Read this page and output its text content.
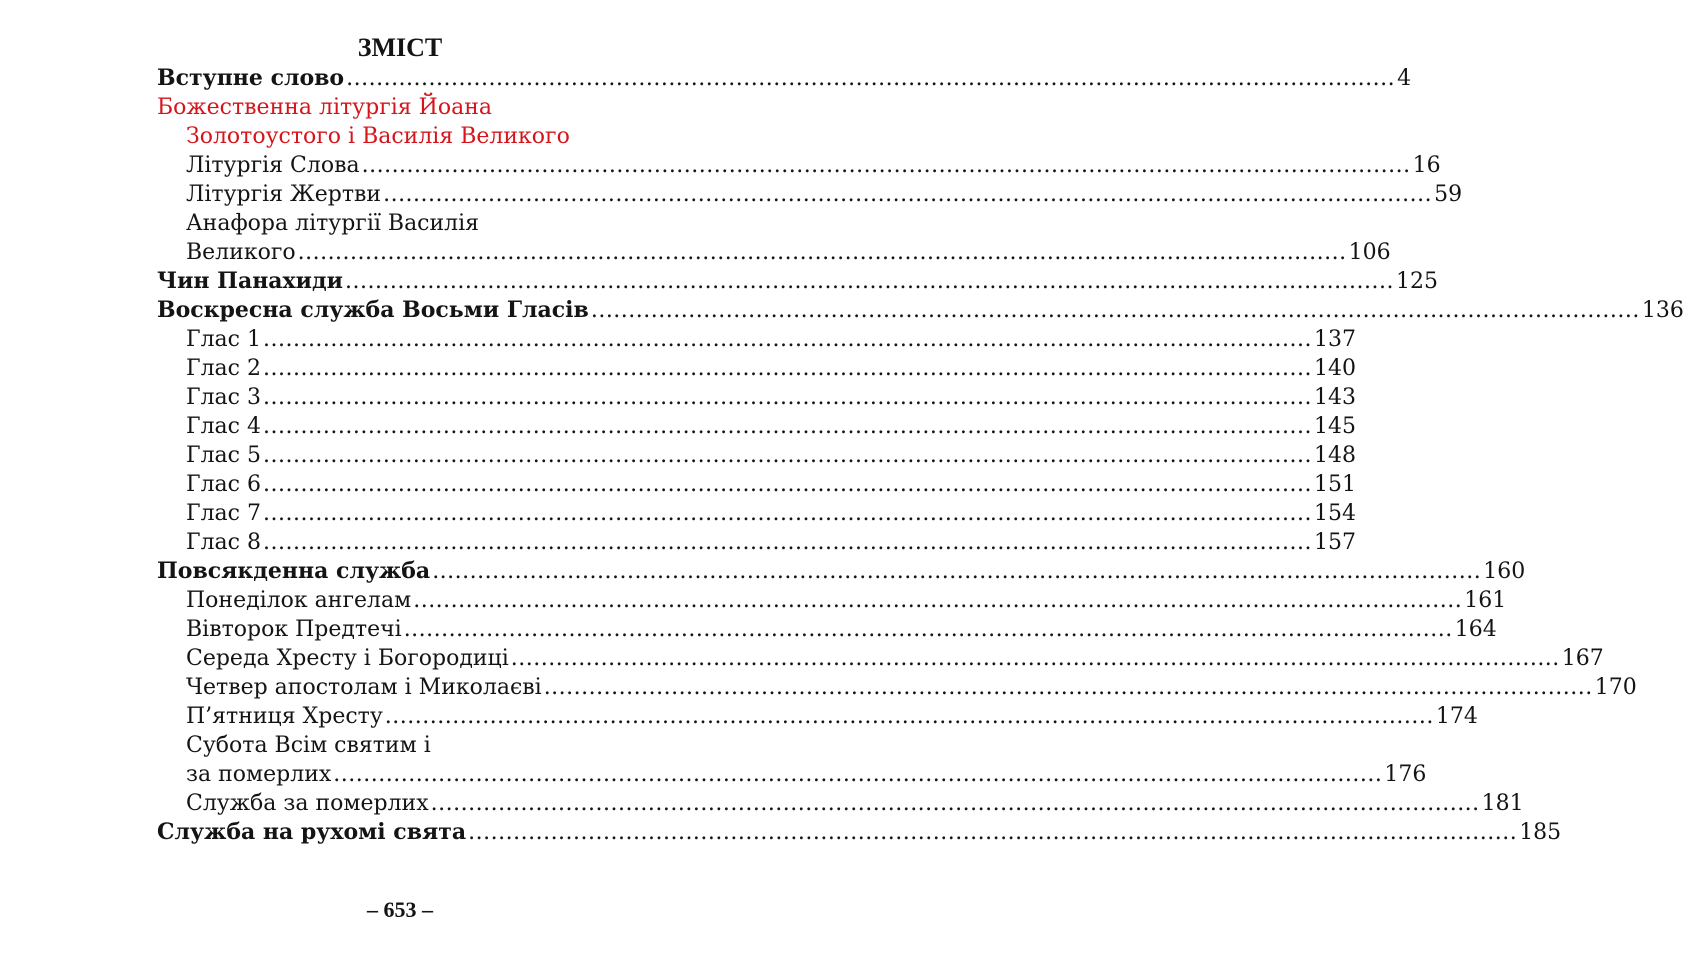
ЗМІСТ
Вступне слово .....	4
Божественна літургія Йоана
Золотоустого і Василія Великого
Літургія Слова .....	16
Літургія Жертви .....	59
Анафора літургії Василія
Великого .....	106
Чин Панахиди .....	125
Воскресна служба Восьми Гласів .....	136
Глас 1 .....	137
Глас 2 .....	140
Глас 3 .....	143
Глас 4 .....	145
Глас 5 .....	148
Глас 6 .....	151
Глас 7 .....	154
Глас 8 .....	157
Повсякденна служба .....	160
Понеділок ангелам .....	161
Вівторок Предтечі .....	164
Середа Хресту і Богородиці .....	167
Четвер апостолам і Миколаєві .....	170
П’ятниця Хресту .....	174
Субота Всім святим і
за померлих .....	176
Служба за померлих .....	181
Служба на рухомі свята .....	185
– 653 –
